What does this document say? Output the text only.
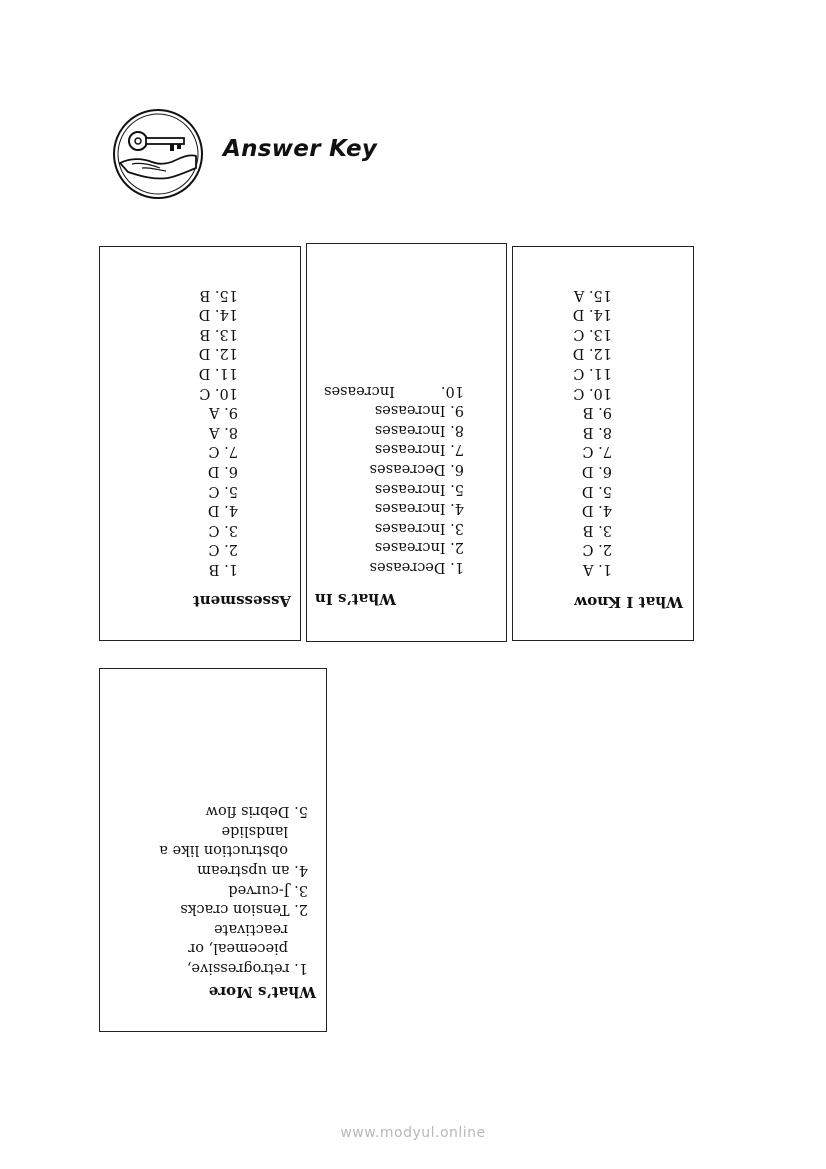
Answer Key
What I Know
1. A
2. C
3. B
4. D
5. D
6. D
7. C
8. B
9. B
10. C
11. C
12. D
13. C
14. D
15. A
What’s In
1. Decreases
2. Increases
3. Increases
4. Increases
5. Increases
6. Decreases
7. Increases
8. Increases
9. Increases
10.          Increases
Assessment
1. B
2. C
3. C
4. D
5. C
6. D
7. C
8. A
9. A
10. C
11. D
12. D
13. B
14. D
15. B
What’s More
1. retrogressive,
piecemeal, or
reactivate
2. Tension cracks
3. J-curved
4. an upstream
obstruction like a
landslide
5. Debris flow
www.modyul.online
